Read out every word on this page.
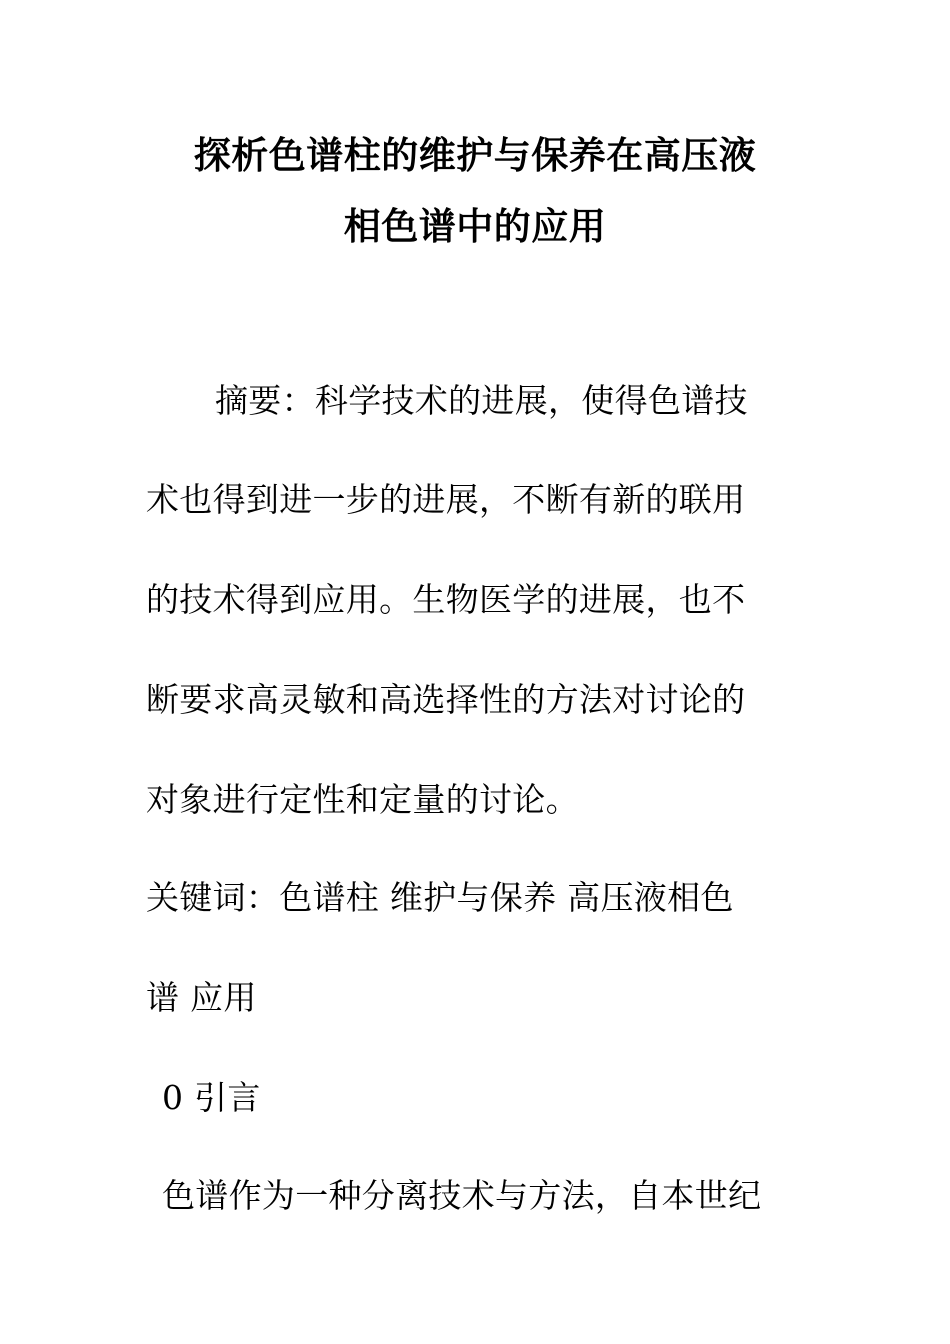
探析色谱柱的维护与保养在高压液
相色谱中的应用
摘要：科学技术的进展，使得色谱技
术也得到进一步的进展，不断有新的联用
的技术得到应用。生物医学的进展，也不
断要求高灵敏和高选择性的方法对讨论的
对象进行定性和定量的讨论。
关键词：色谱柱 维护与保养 高压液相色
谱 应用
0 引言
色谱作为一种分离技术与方法，自本世纪
